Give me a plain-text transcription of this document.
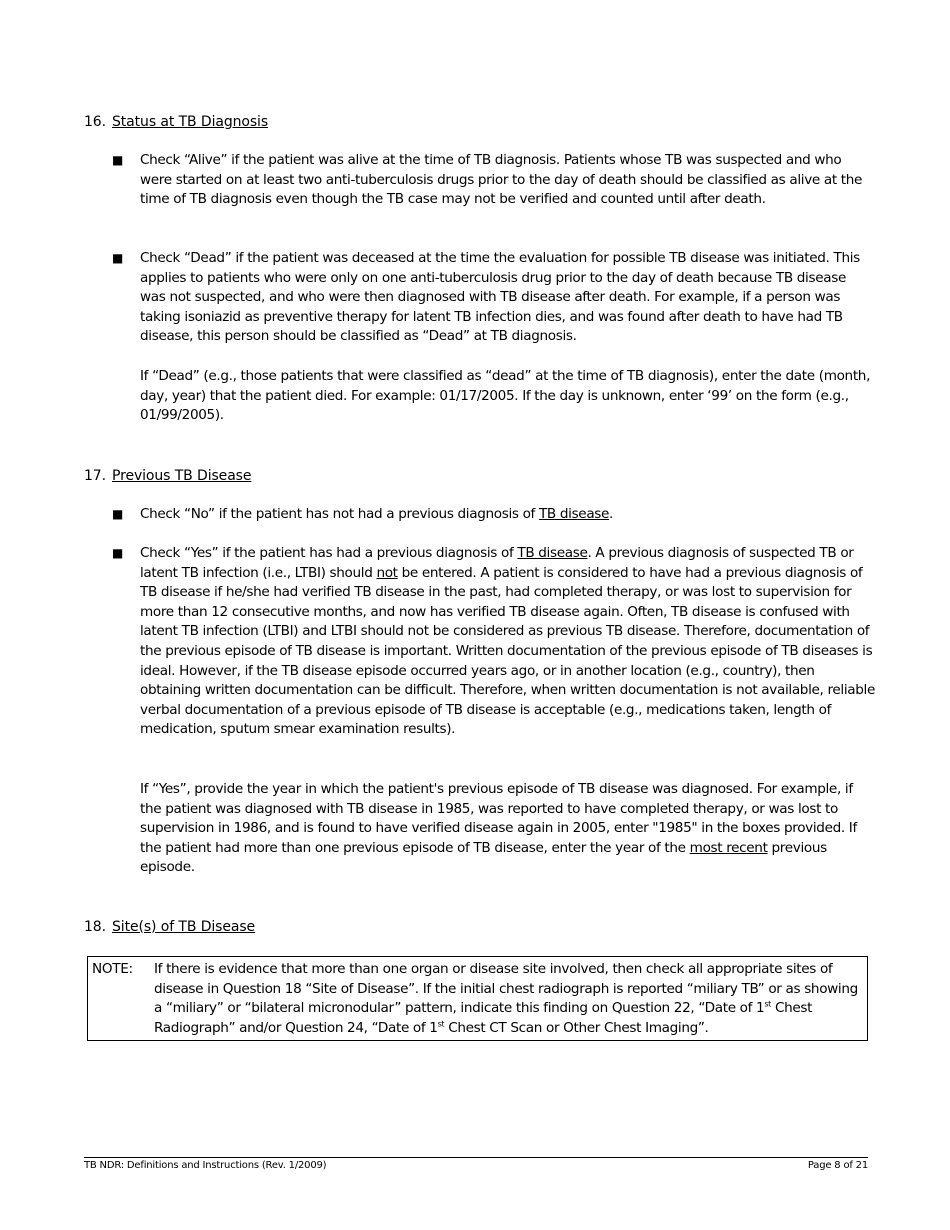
16. Status at TB Diagnosis
■ Check “Alive” if the patient was alive at the time of TB diagnosis. Patients whose TB was suspected and who were started on at least two anti-tuberculosis drugs prior to the day of death should be classified as alive at the time of TB diagnosis even though the TB case may not be verified and counted until after death.

■ Check “Dead” if the patient was deceased at the time the evaluation for possible TB disease was initiated. This applies to patients who were only on one anti-tuberculosis drug prior to the day of death because TB disease was not suspected, and who were then diagnosed with TB disease after death. For example, if a person was taking isoniazid as preventive therapy for latent TB infection dies, and was found after death to have had TB disease, this person should be classified as “Dead” at TB diagnosis.

If “Dead” (e.g., those patients that were classified as “dead” at the time of TB diagnosis), enter the date (month, day, year) that the patient died. For example: 01/17/2005. If the day is unknown, enter ‘99’ on the form (e.g., 01/99/2005).

17. Previous TB Disease
■ Check “No” if the patient has not had a previous diagnosis of TB disease.

■ Check “Yes” if the patient has had a previous diagnosis of TB disease. A previous diagnosis of suspected TB or latent TB infection (i.e., LTBI) should not be entered. A patient is considered to have had a previous diagnosis of TB disease if he/she had verified TB disease in the past, had completed therapy, or was lost to supervision for more than 12 consecutive months, and now has verified TB disease again. Often, TB disease is confused with latent TB infection (LTBI) and LTBI should not be considered as previous TB disease. Therefore, documentation of the previous episode of TB disease is important. Written documentation of the previous episode of TB diseases is ideal. However, if the TB disease episode occurred years ago, or in another location (e.g., country), then obtaining written documentation can be difficult. Therefore, when written documentation is not available, reliable verbal documentation of a previous episode of TB disease is acceptable (e.g., medications taken, length of medication, sputum smear examination results).

If “Yes”, provide the year in which the patient's previous episode of TB disease was diagnosed. For example, if the patient was diagnosed with TB disease in 1985, was reported to have completed therapy, or was lost to supervision in 1986, and is found to have verified disease again in 2005, enter "1985" in the boxes provided. If the patient had more than one previous episode of TB disease, enter the year of the most recent previous episode.

18. Site(s) of TB Disease
NOTE: If there is evidence that more than one organ or disease site involved, then check all appropriate sites of disease in Question 18 “Site of Disease”. If the initial chest radiograph is reported “miliary TB” or as showing a “miliary” or “bilateral micronodular” pattern, indicate this finding on Question 22, “Date of 1st Chest Radiograph” and/or Question 24, “Date of 1st Chest CT Scan or Other Chest Imaging”.

TB NDR: Definitions and Instructions (Rev. 1/2009)	Page 8 of 21
